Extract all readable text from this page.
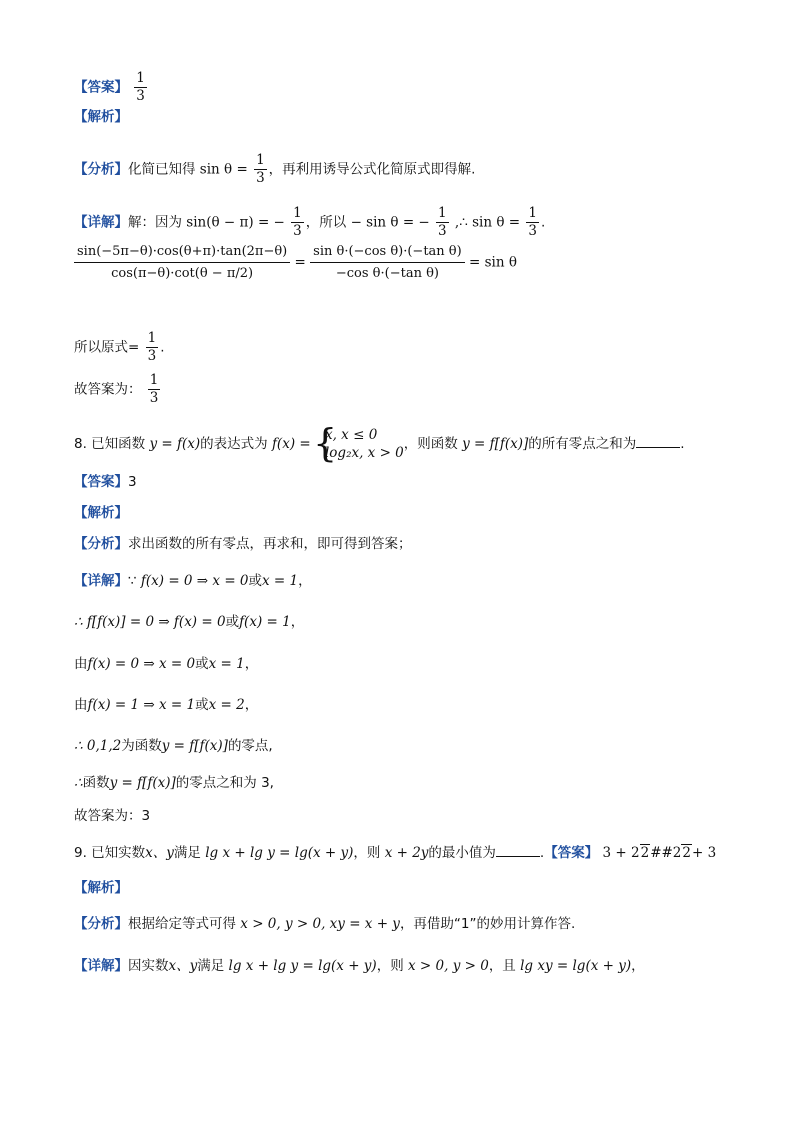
【答案】 $\frac{1}{3}$
【解析】
【分析】化简已知得 $\sin \theta = \frac{1}{3}$ ，再利用诱导公式化简原式即得解.
【详解】解：因为 sin(θ − π) = − $\frac{1}{3}$ ，所以 − sin θ = − $\frac{1}{3}$ ,∴ $\sin \theta = \frac{1}{3}$ .
$\frac{\sin(-5\pi-\theta)\cdot\cos(\theta+\pi)\cdot\tan(2\pi-\theta)}{\cos(\pi-\theta)\cdot\cot(\theta - \pi/2)} = \frac{\text{sin θ·(−cos θ)·(−tan θ)}}{\text{−cos θ·(−tan θ)}} = \sin \theta$
所以原式= $\frac{1}{3}$ .
故答案为： $\frac{1}{3}$
8. 已知函数 y = f(x)的表达式为 f(x) =
{ x, x ≤ 0
log₂x, x > 0
，则函数 y = f[f(x)]的所有零点之和为	.
【答案】3
【解析】
【分析】求出函数的所有零点，再求和，即可得到答案；
【详解】∵ f(x) = 0 ⇒ x = 0或x = 1，
∴ f[f(x)] = 0 ⇒ f(x) = 0或f(x) = 1，
由f(x) = 0 ⇒ x = 0或x = 1，
由f(x) = 1 ⇒ x = 1或x = 2，
∴ 0,1,2为函数y = f[f(x)]的零点,
∴函数y = f[f(x)]的零点之和为 3,
故答案为：3
9. 已知实数x、y满足 lg x + lg y = lg(x + y)，则 x + 2y的最小值为	.【答案】 3 + 22##22+ 3
【解析】
【分析】根据给定等式可得 x > 0, y > 0, xy = x + y，再借助“1”的妙用计算作答.
【详解】因实数x、y满足 lg x + lg y = lg(x + y)，则 x > 0, y > 0，且 lg xy = lg(x + y)，
